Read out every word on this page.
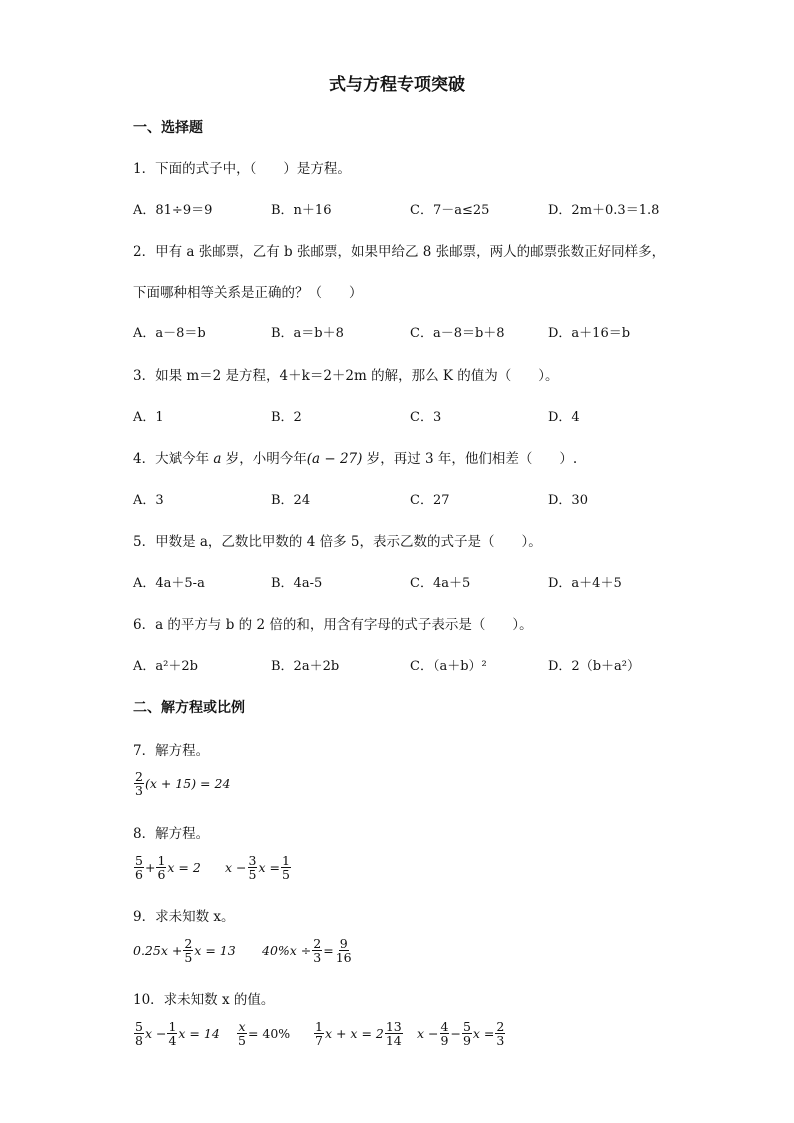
式与方程专项突破
一、选择题
1．下面的式子中，（　　）是方程。
A．81÷9＝9	B．n＋16	C．7－a≤25	D．2m＋0.3＝1.8
2．甲有 a 张邮票，乙有 b 张邮票，如果甲给乙 8 张邮票，两人的邮票张数正好同样多，
下面哪种相等关系是正确的？（　　）
A．a－8＝b	B．a＝b＋8	C．a－8＝b＋8	D．a＋16＝b
3．如果 m＝2 是方程，4＋k＝2＋2m 的解，那么 K 的值为（　　）。
A．1	B．2	C．3	D．4
4．大斌今年 a 岁，小明今年(a − 27) 岁，再过 3 年，他们相差（　　）.
A．3	B．24	C．27	D．30
5．甲数是 a，乙数比甲数的 4 倍多 5，表示乙数的式子是（　　）。
A．4a＋5-a	B．4a-5	C．4a＋5	D．a＋4＋5
6．a 的平方与 b 的 2 倍的和，用含有字母的式子表示是（　　）。
A．a²＋2b	B．2a＋2b	C．（a＋b）²	D．2（b＋a²）
二、解方程或比例
7．解方程。
$\frac{2}{3} (x + 15) = 24$
8．解方程。
$\frac{5}{6} + \frac{1}{6}$ x = 2 $x - \frac{3}{5}$ $x = \frac{1}{5}$
9．求未知数 x。
$0.25x + \frac{2}{5}$ x = 13 $40\%x \div \frac{2}{3} = \frac{9}{16}$
10．求未知数 x 的值。
$\frac{5}{8}$ $x - \frac{1}{4}$ $x = 14 \frac{x}{5} = 40\% \frac{1}{7}$ $x + x = 2 \frac{13}{14}$ $x - \frac{4}{9} - \frac{5}{9}$ $x = \frac{2}{3}$
